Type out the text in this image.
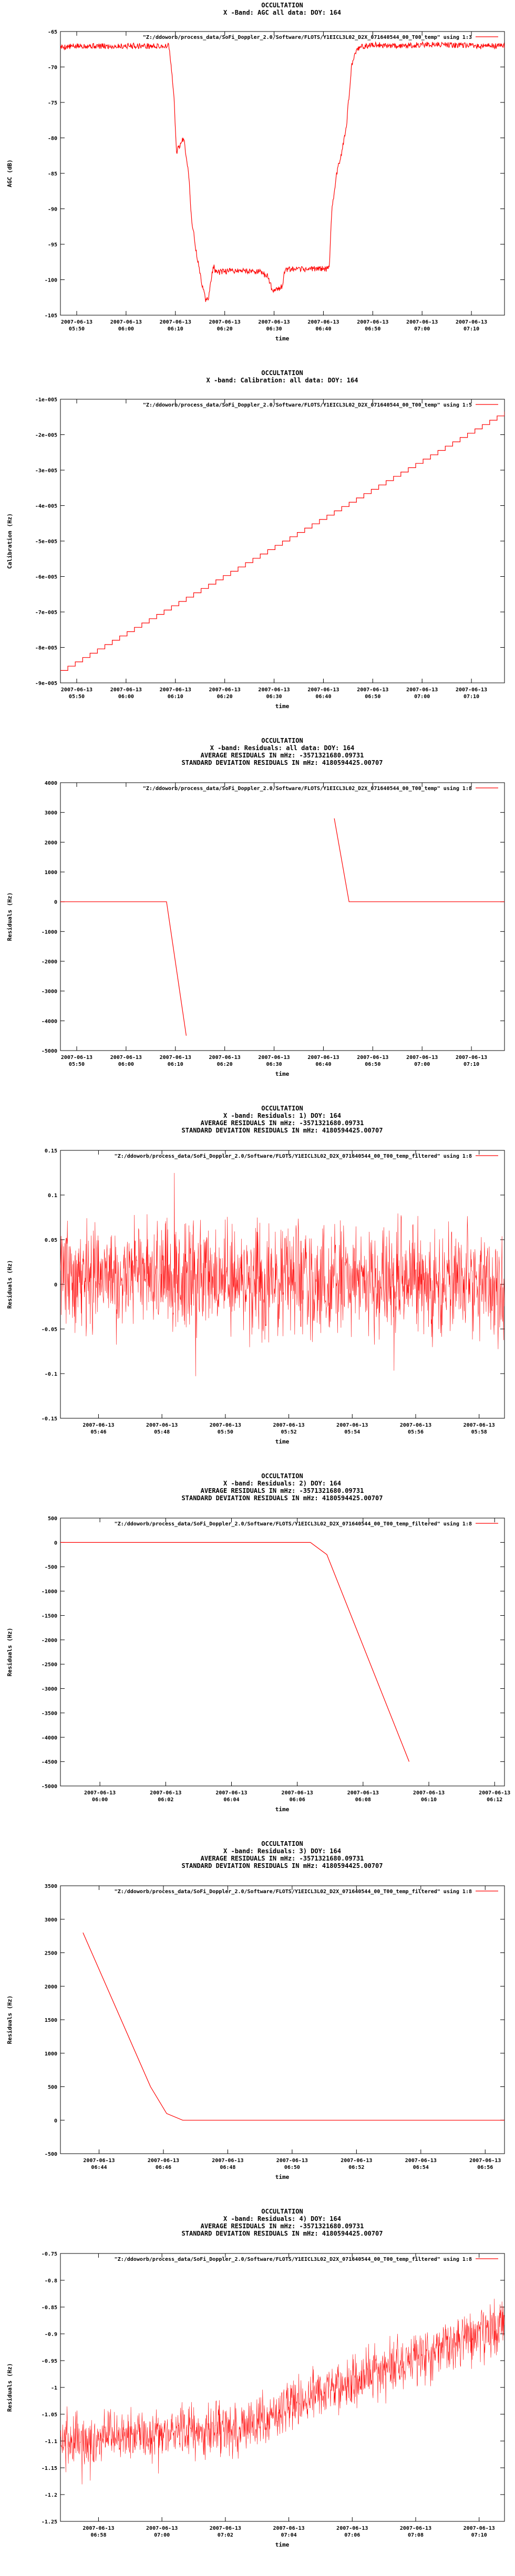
OCCULTATION
X -Band: AGC all data: DOY: 164
-65
-70
-75
-80
-85
-90
-95
-100
-105
2007-06-13
05:50
2007-06-13
06:00
2007-06-13
06:10
2007-06-13
06:20
2007-06-13
06:30
2007-06-13
06:40
2007-06-13
06:50
2007-06-13
07:00
2007-06-13
07:10
time
AGC (dB)
"Z:/ddoworb/process_data/SoFi_Doppler_2.0/Software/FLOTS/Y1EICL3L02_D2X_071640544_00_T00_temp" using 1:3
OCCULTATION
X -band: Calibration: all data: DOY: 164
-1e-005
-2e-005
-3e-005
-4e-005
-5e-005
-6e-005
-7e-005
-8e-005
-9e-005
2007-06-13
05:50
2007-06-13
06:00
2007-06-13
06:10
2007-06-13
06:20
2007-06-13
06:30
2007-06-13
06:40
2007-06-13
06:50
2007-06-13
07:00
2007-06-13
07:10
time
Calibration (Hz)
"Z:/ddoworb/process_data/SoFi_Doppler_2.0/Software/FLOTS/Y1EICL3L02_D2X_071640544_00_T00_temp" using 1:5
OCCULTATION
X -band: Residuals: all data: DOY: 164
AVERAGE RESIDUALS IN mHz: -3571321680.09731
STANDARD DEVIATION RESIDUALS IN mHz: 4180594425.00707
4000
3000
2000
1000
0
-1000
-2000
-3000
-4000
-5000
2007-06-13
05:50
2007-06-13
06:00
2007-06-13
06:10
2007-06-13
06:20
2007-06-13
06:30
2007-06-13
06:40
2007-06-13
06:50
2007-06-13
07:00
2007-06-13
07:10
time
Residuals (Hz)
"Z:/ddoworb/process_data/SoFi_Doppler_2.0/Software/FLOTS/Y1EICL3L02_D2X_071640544_00_T00_temp" using 1:8
OCCULTATION
X -band: Residuals: 1) DOY: 164
AVERAGE RESIDUALS IN mHz: -3571321680.09731
STANDARD DEVIATION RESIDUALS IN mHz: 4180594425.00707
0.15
0.1
0.05
0
-0.05
-0.1
-0.15
2007-06-13
05:46
2007-06-13
05:48
2007-06-13
05:50
2007-06-13
05:52
2007-06-13
05:54
2007-06-13
05:56
2007-06-13
05:58
time
Residuals (Hz)
"Z:/ddoworb/process_data/SoFi_Doppler_2.0/Software/FLOTS/Y1EICL3L02_D2X_071640544_00_T00_temp_filtered" using 1:8
OCCULTATION
X -band: Residuals: 2) DOY: 164
AVERAGE RESIDUALS IN mHz: -3571321680.09731
STANDARD DEVIATION RESIDUALS IN mHz: 4180594425.00707
500
0
-500
-1000
-1500
-2000
-2500
-3000
-3500
-4000
-4500
-5000
2007-06-13
06:00
2007-06-13
06:02
2007-06-13
06:04
2007-06-13
06:06
2007-06-13
06:08
2007-06-13
06:10
2007-06-13
06:12
time
Residuals (Hz)
"Z:/ddoworb/process_data/SoFi_Doppler_2.0/Software/FLOTS/Y1EICL3L02_D2X_071640544_00_T00_temp_filtered" using 1:8
OCCULTATION
X -band: Residuals: 3) DOY: 164
AVERAGE RESIDUALS IN mHz: -3571321680.09731
STANDARD DEVIATION RESIDUALS IN mHz: 4180594425.00707
3500
3000
2500
2000
1500
1000
500
0
-500
2007-06-13
06:44
2007-06-13
06:46
2007-06-13
06:48
2007-06-13
06:50
2007-06-13
06:52
2007-06-13
06:54
2007-06-13
06:56
time
Residuals (Hz)
"Z:/ddoworb/process_data/SoFi_Doppler_2.0/Software/FLOTS/Y1EICL3L02_D2X_071640544_00_T00_temp_filtered" using 1:8
OCCULTATION
X -band: Residuals: 4) DOY: 164
AVERAGE RESIDUALS IN mHz: -3571321680.09731
STANDARD DEVIATION RESIDUALS IN mHz: 4180594425.00707
-0.75
-0.8
-0.85
-0.9
-0.95
-1
-1.05
-1.1
-1.15
-1.2
-1.25
2007-06-13
06:58
2007-06-13
07:00
2007-06-13
07:02
2007-06-13
07:04
2007-06-13
07:06
2007-06-13
07:08
2007-06-13
07:10
time
Residuals (Hz)
"Z:/ddoworb/process_data/SoFi_Doppler_2.0/Software/FLOTS/Y1EICL3L02_D2X_071640544_00_T00_temp_filtered" using 1:8
